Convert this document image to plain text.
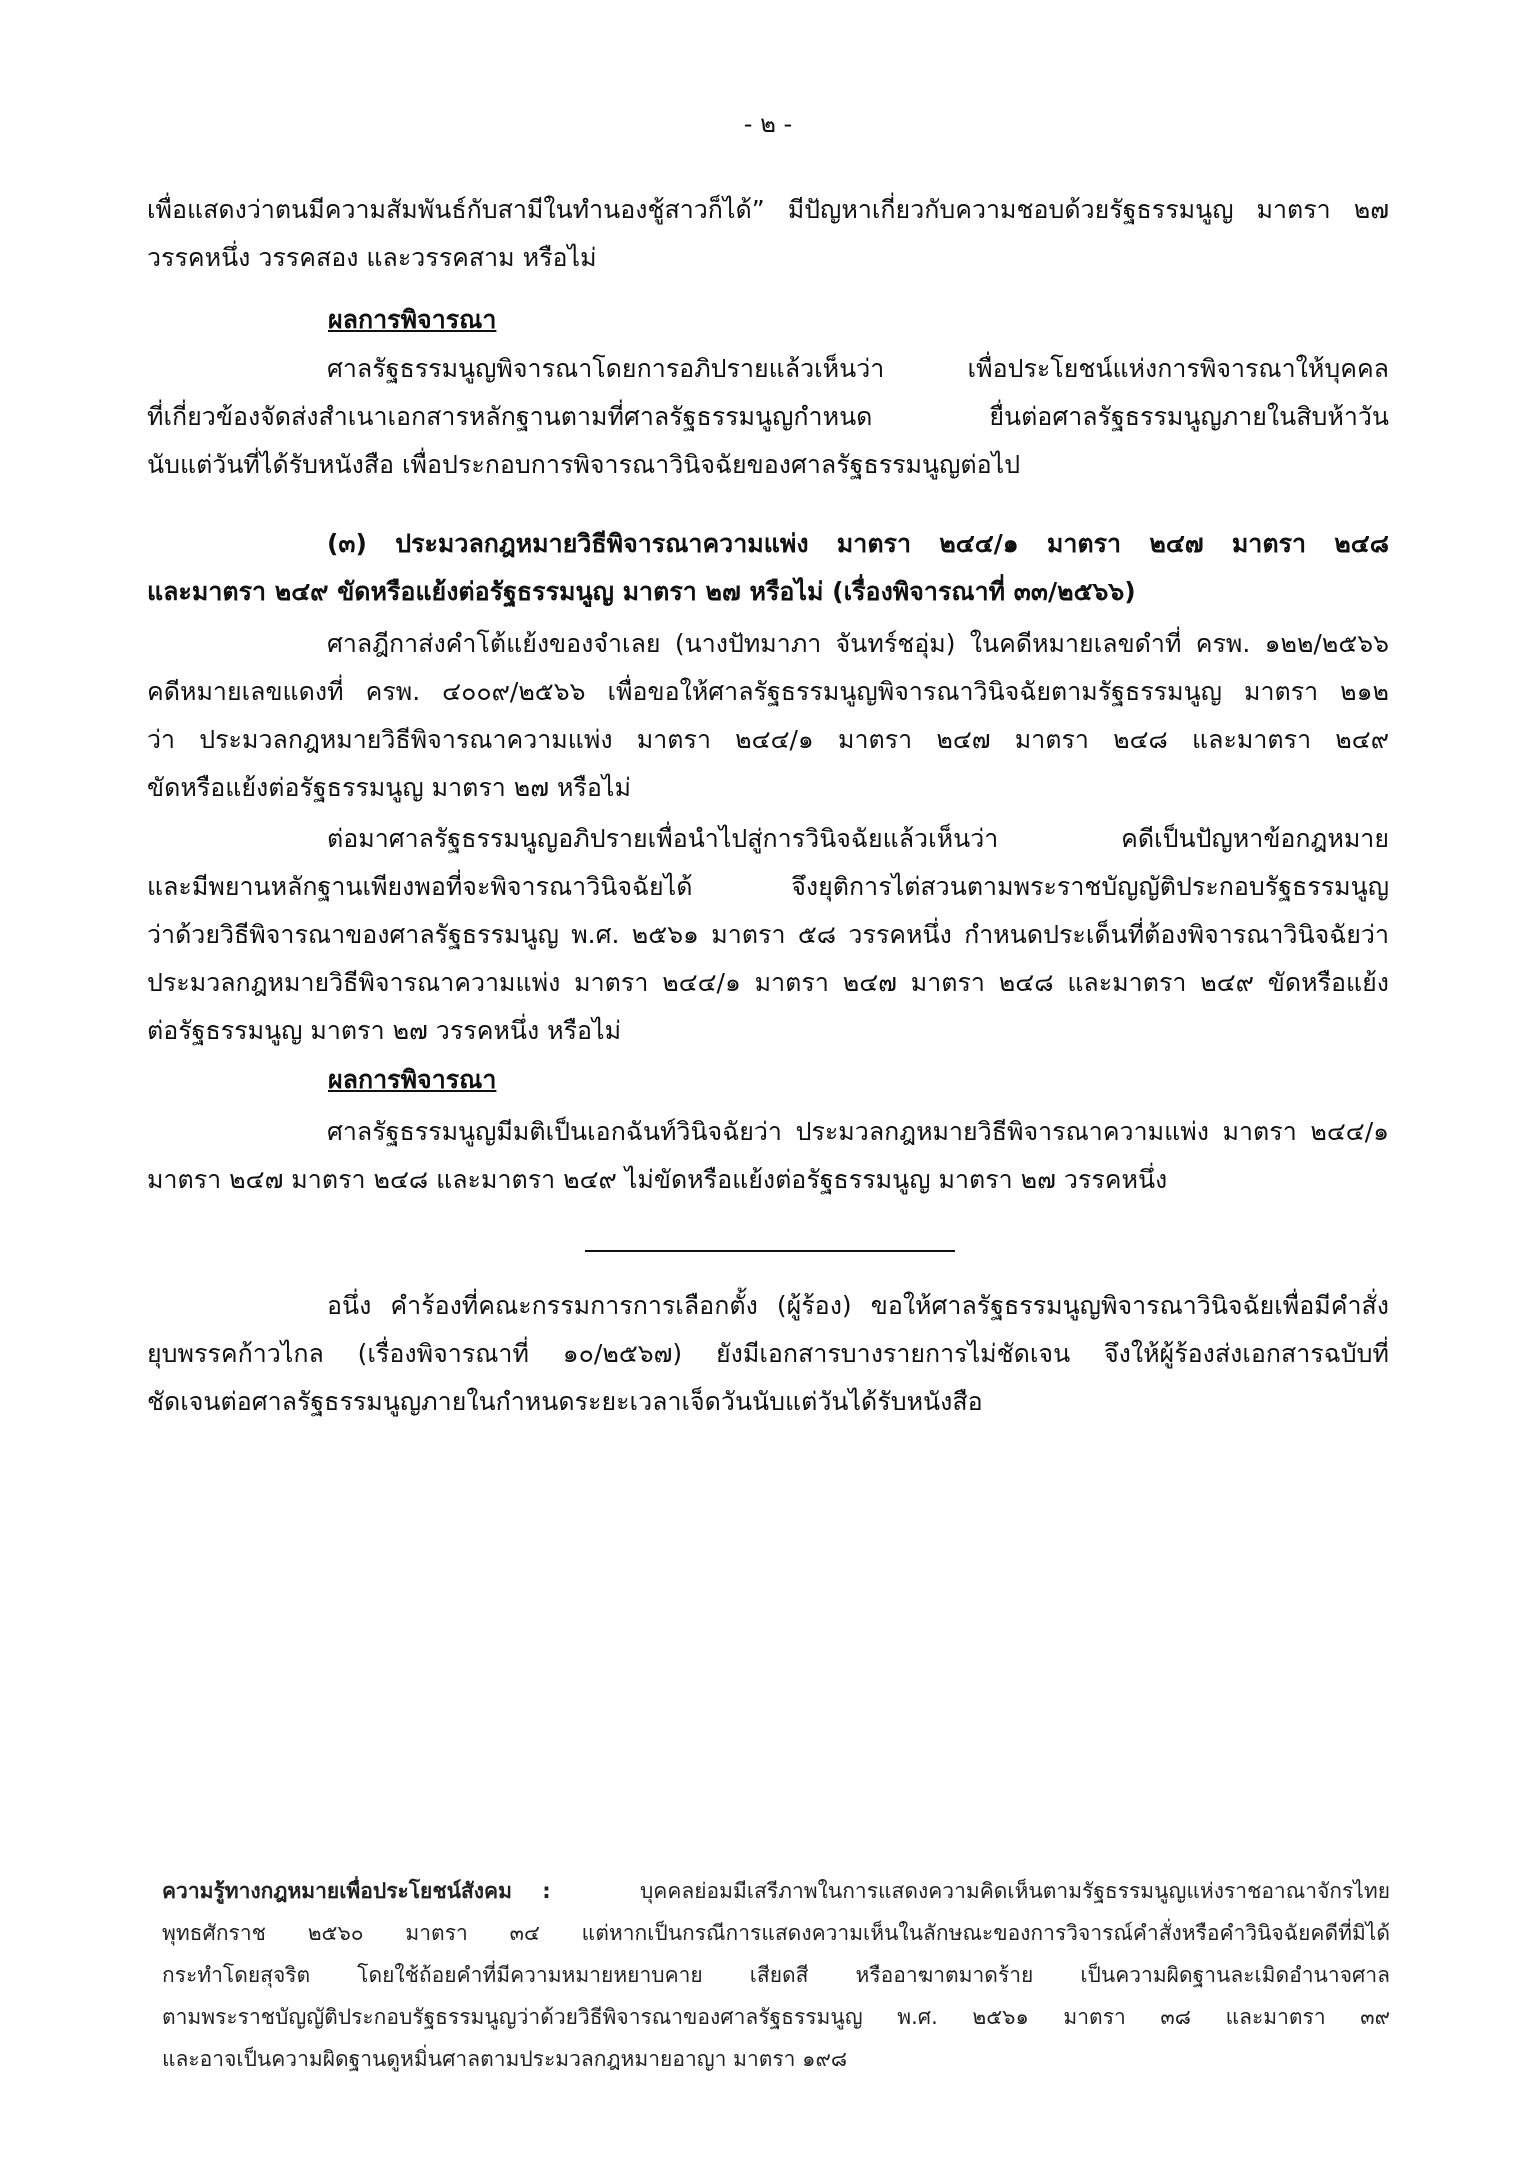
- ๒ -
เพื่อแสดงว่าตนมีความสัมพันธ์กับสามีในทำนองชู้สาวก็ได้” มีปัญหาเกี่ยวกับความชอบด้วยรัฐธรรมนูญ มาตรา ๒๗
วรรคหนึ่ง วรรคสอง และวรรคสาม หรือไม่
ผลการพิจารณา
ศาลรัฐธรรมนูญพิจารณาโดยการอภิปรายแล้วเห็นว่า เพื่อประโยชน์แห่งการพิจารณาให้บุคคล
ที่เกี่ยวข้องจัดส่งสำเนาเอกสารหลักฐานตามที่ศาลรัฐธรรมนูญกำหนด ยื่นต่อศาลรัฐธรรมนูญภายในสิบห้าวัน
นับแต่วันที่ได้รับหนังสือ เพื่อประกอบการพิจารณาวินิจฉัยของศาลรัฐธรรมนูญต่อไป
(๓) ประมวลกฎหมายวิธีพิจารณาความแพ่ง มาตรา ๒๔๔/๑ มาตรา ๒๔๗ มาตรา ๒๔๘
และมาตรา ๒๔๙ ขัดหรือแย้งต่อรัฐธรรมนูญ มาตรา ๒๗ หรือไม่ (เรื่องพิจารณาที่ ๓๓/๒๕๖๖)
ศาลฎีกาส่งคำโต้แย้งของจำเลย (นางปัทมาภา จันทร์ชอุ่ม) ในคดีหมายเลขดำที่ ครพ. ๑๒๒/๒๕๖๖
คดีหมายเลขแดงที่ ครพ. ๔๐๐๙/๒๕๖๖ เพื่อขอให้ศาลรัฐธรรมนูญพิจารณาวินิจฉัยตามรัฐธรรมนูญ มาตรา ๒๑๒
ว่า ประมวลกฎหมายวิธีพิจารณาความแพ่ง มาตรา ๒๔๔/๑ มาตรา ๒๔๗ มาตรา ๒๔๘ และมาตรา ๒๔๙
ขัดหรือแย้งต่อรัฐธรรมนูญ มาตรา ๒๗ หรือไม่
ต่อมาศาลรัฐธรรมนูญอภิปรายเพื่อนำไปสู่การวินิจฉัยแล้วเห็นว่า คดีเป็นปัญหาข้อกฎหมาย
และมีพยานหลักฐานเพียงพอที่จะพิจารณาวินิจฉัยได้ จึงยุติการไต่สวนตามพระราชบัญญัติประกอบรัฐธรรมนูญ
ว่าด้วยวิธีพิจารณาของศาลรัฐธรรมนูญ พ.ศ. ๒๕๖๑ มาตรา ๕๘ วรรคหนึ่ง กำหนดประเด็นที่ต้องพิจารณาวินิจฉัยว่า
ประมวลกฎหมายวิธีพิจารณาความแพ่ง มาตรา ๒๔๔/๑ มาตรา ๒๔๗ มาตรา ๒๔๘ และมาตรา ๒๔๙ ขัดหรือแย้ง
ต่อรัฐธรรมนูญ มาตรา ๒๗ วรรคหนึ่ง หรือไม่
ผลการพิจารณา
ศาลรัฐธรรมนูญมีมติเป็นเอกฉันท์วินิจฉัยว่า ประมวลกฎหมายวิธีพิจารณาความแพ่ง มาตรา ๒๔๔/๑
มาตรา ๒๔๗ มาตรา ๒๔๘ และมาตรา ๒๔๙ ไม่ขัดหรือแย้งต่อรัฐธรรมนูญ มาตรา ๒๗ วรรคหนึ่ง
อนึ่ง คำร้องที่คณะกรรมการการเลือกตั้ง (ผู้ร้อง) ขอให้ศาลรัฐธรรมนูญพิจารณาวินิจฉัยเพื่อมีคำสั่ง
ยุบพรรคก้าวไกล (เรื่องพิจารณาที่ ๑๐/๒๕๖๗) ยังมีเอกสารบางรายการไม่ชัดเจน จึงให้ผู้ร้องส่งเอกสารฉบับที่
ชัดเจนต่อศาลรัฐธรรมนูญภายในกำหนดระยะเวลาเจ็ดวันนับแต่วันได้รับหนังสือ
ความรู้ทางกฎหมายเพื่อประโยชน์สังคม :	บุคคลย่อมมีเสรีภาพในการแสดงความคิดเห็นตามรัฐธรรมนูญแห่งราชอาณาจักรไทย
พุทธศักราช ๒๕๖๐ มาตรา ๓๔ แต่หากเป็นกรณีการแสดงความเห็นในลักษณะของการวิจารณ์คำสั่งหรือคำวินิจฉัยคดีที่มิได้
กระทำโดยสุจริต โดยใช้ถ้อยคำที่มีความหมายหยาบคาย เสียดสี หรืออาฆาตมาดร้าย เป็นความผิดฐานละเมิดอำนาจศาล
ตามพระราชบัญญัติประกอบรัฐธรรมนูญว่าด้วยวิธีพิจารณาของศาลรัฐธรรมนูญ พ.ศ. ๒๕๖๑ มาตรา ๓๘ และมาตรา ๓๙
และอาจเป็นความผิดฐานดูหมิ่นศาลตามประมวลกฎหมายอาญา มาตรา ๑๙๘
